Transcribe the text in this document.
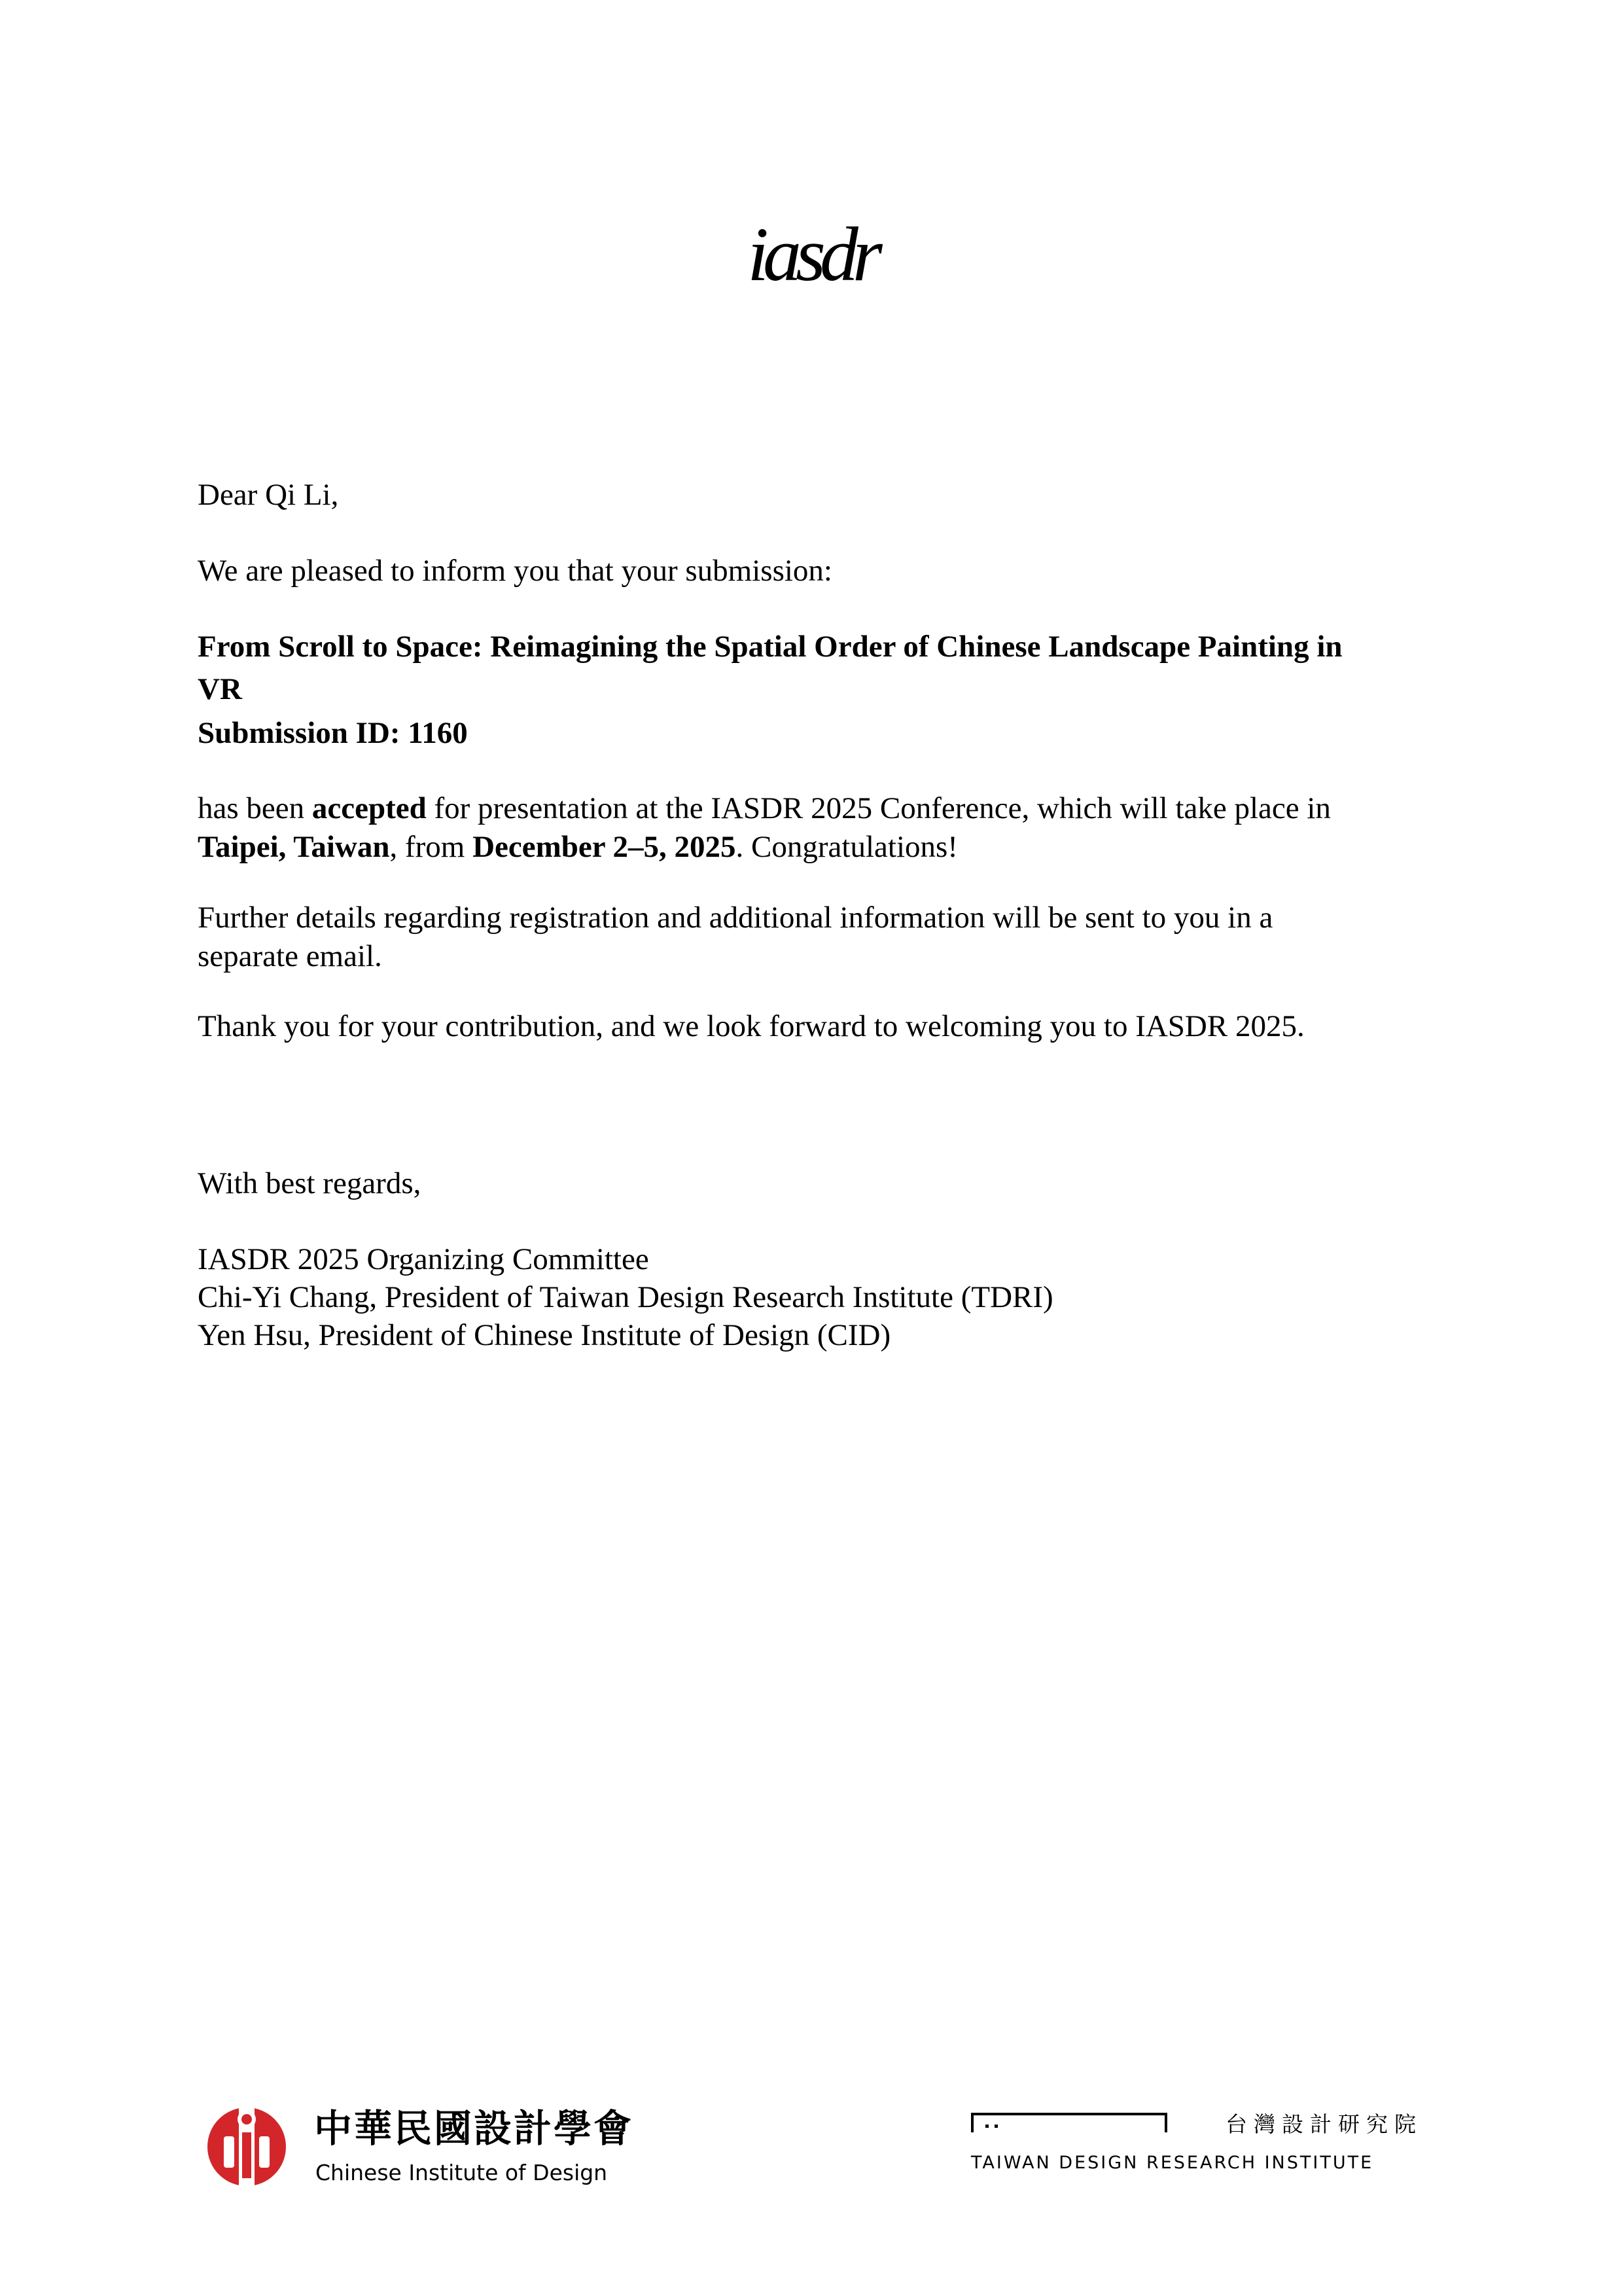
iasdr

Dear Qi Li,

We are pleased to inform you that your submission:

From Scroll to Space: Reimagining the Spatial Order of Chinese Landscape Painting in

VR

Submission ID: 1160

has been accepted for presentation at the IASDR 2025 Conference, which will take place in

Taipei, Taiwan, from December 2–5, 2025. Congratulations!

Further details regarding registration and additional information will be sent to you in a

separate email.

Thank you for your contribution, and we look forward to welcoming you to IASDR 2025.

With best regards,

IASDR 2025 Organizing Committee

Chi-Yi Chang, President of Taiwan Design Research Institute (TDRI)

Yen Hsu, President of Chinese Institute of Design (CID)

中華民國設計學會
Chinese Institute of Design
台灣設計研究院
TAIWAN DESIGN RESEARCH INSTITUTE
